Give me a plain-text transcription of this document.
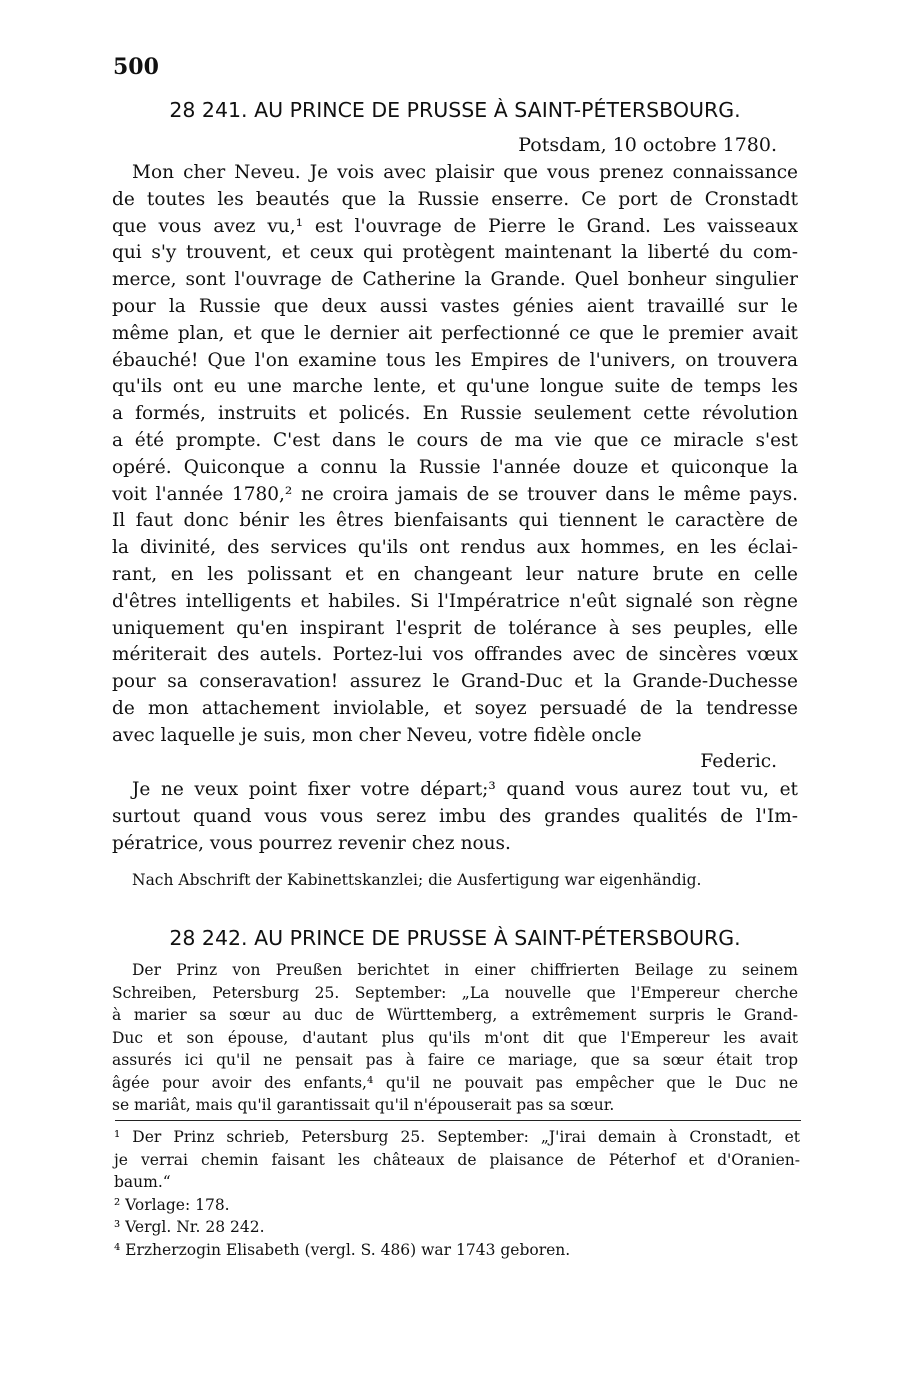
500
28 241. AU PRINCE DE PRUSSE À SAINT-PÉTERSBOURG.
Potsdam, 10 octobre 1780.
Mon cher Neveu. Je vois avec plaisir que vous prenez connaissance
de toutes les beautés que la Russie enserre. Ce port de Cronstadt
que vous avez vu,¹ est l'ouvrage de Pierre le Grand. Les vaisseaux
qui s'y trouvent, et ceux qui protègent maintenant la liberté du com-
merce, sont l'ouvrage de Catherine la Grande. Quel bonheur singulier
pour la Russie que deux aussi vastes génies aient travaillé sur le
même plan, et que le dernier ait perfectionné ce que le premier avait
ébauché! Que l'on examine tous les Empires de l'univers, on trouvera
qu'ils ont eu une marche lente, et qu'une longue suite de temps les
a formés, instruits et policés. En Russie seulement cette révolution
a été prompte. C'est dans le cours de ma vie que ce miracle s'est
opéré. Quiconque a connu la Russie l'année douze et quiconque la
voit l'année 1780,² ne croira jamais de se trouver dans le même pays.
Il faut donc bénir les êtres bienfaisants qui tiennent le caractère de
la divinité, des services qu'ils ont rendus aux hommes, en les éclai-
rant, en les polissant et en changeant leur nature brute en celle
d'êtres intelligents et habiles. Si l'Impératrice n'eût signalé son règne
uniquement qu'en inspirant l'esprit de tolérance à ses peuples, elle
mériterait des autels. Portez-lui vos offrandes avec de sincères vœux
pour sa conseravation! assurez le Grand-Duc et la Grande-Duchesse
de mon attachement inviolable, et soyez persuadé de la tendresse
avec laquelle je suis, mon cher Neveu, votre fidèle oncle
Federic.
Je ne veux point fixer votre départ;³ quand vous aurez tout vu, et
surtout quand vous vous serez imbu des grandes qualités de l'Im-
pératrice, vous pourrez revenir chez nous.
Nach Abschrift der Kabinettskanzlei; die Ausfertigung war eigenhändig.
28 242. AU PRINCE DE PRUSSE À SAINT-PÉTERSBOURG.
Der Prinz von Preußen berichtet in einer chiffrierten Beilage zu seinem
Schreiben, Petersburg 25. September: „La nouvelle que l'Empereur cherche
à marier sa sœur au duc de Württemberg, a extrêmement surpris le Grand-
Duc et son épouse, d'autant plus qu'ils m'ont dit que l'Empereur les avait
assurés ici qu'il ne pensait pas à faire ce mariage, que sa sœur était trop
âgée pour avoir des enfants,⁴ qu'il ne pouvait pas empêcher que le Duc ne
se mariât, mais qu'il garantissait qu'il n'épouserait pas sa sœur.
¹ Der Prinz schrieb, Petersburg 25. September: „J'irai demain à Cronstadt, et
je verrai chemin faisant les châteaux de plaisance de Péterhof et d'Oranien-
baum.“
² Vorlage: 178.
³ Vergl. Nr. 28 242.
⁴ Erzherzogin Elisabeth (vergl. S. 486) war 1743 geboren.
